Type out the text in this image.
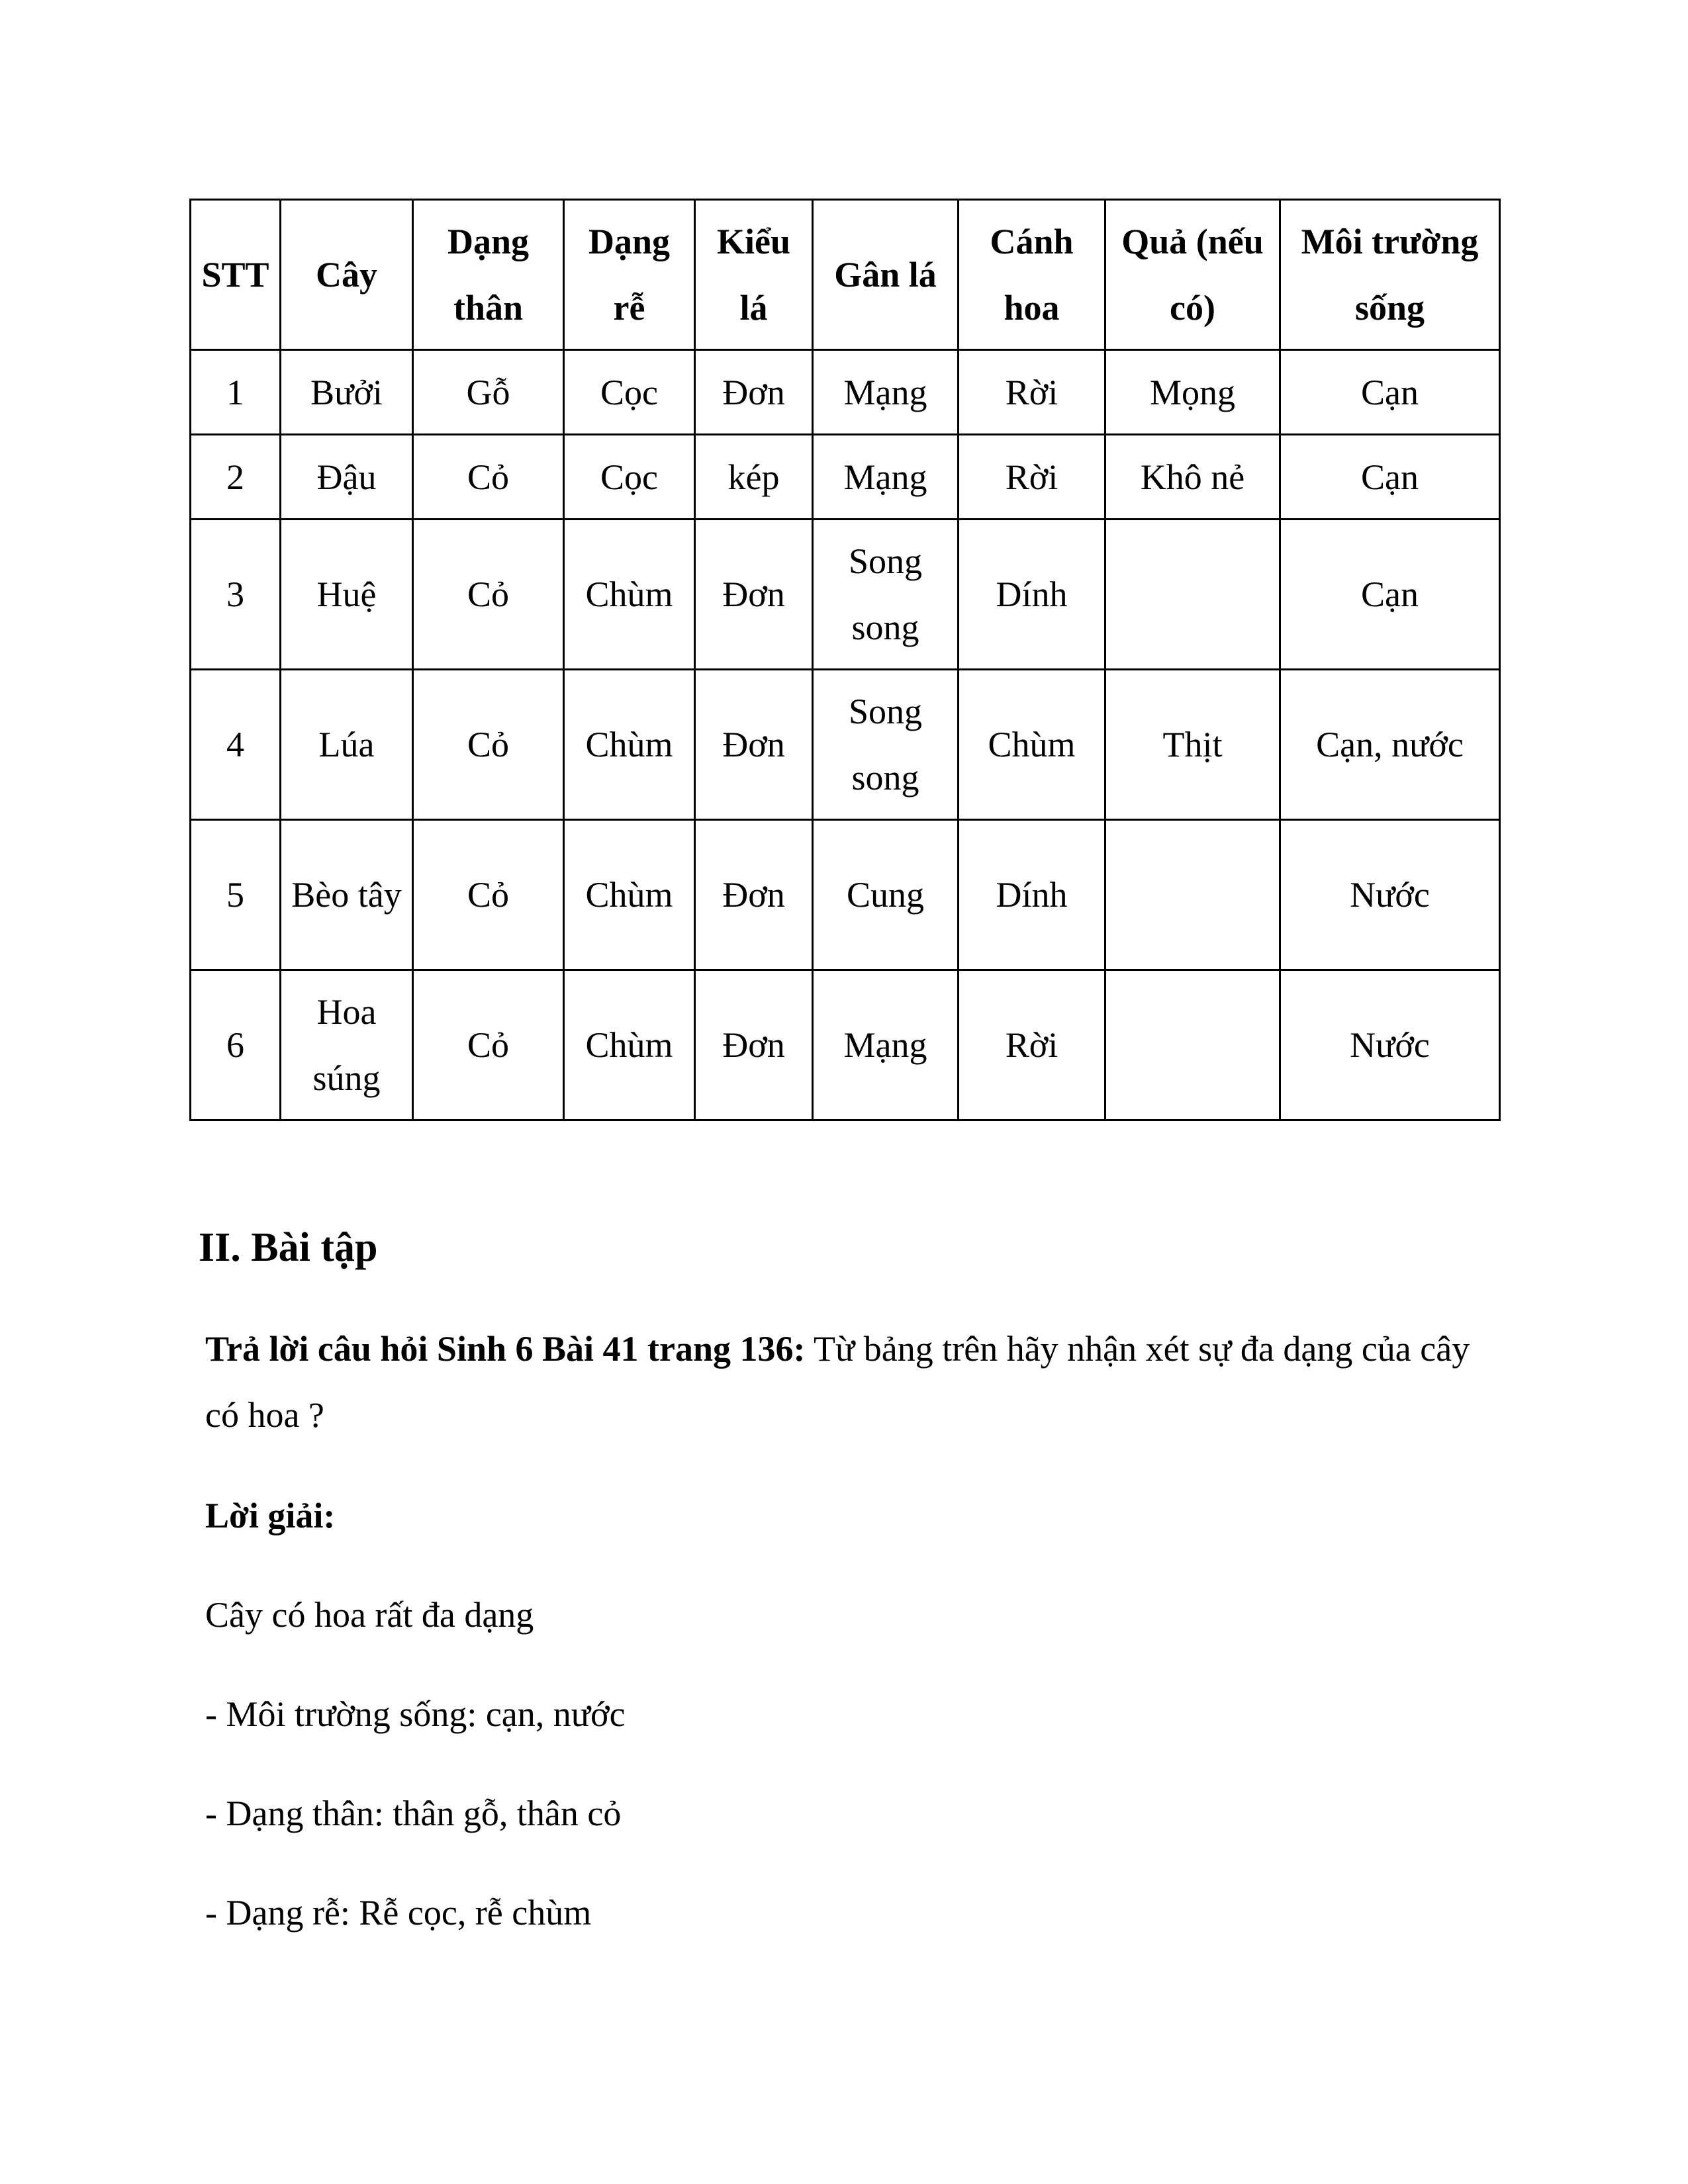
STT	Cây	Dạng thân	Dạng rễ	Kiểu lá	Gân lá	Cánh hoa	Quả (nếu có)	Môi trường sống
1	Bưởi	Gỗ	Cọc	Đơn	Mạng	Rời	Mọng	Cạn
2	Đậu	Cỏ	Cọc	kép	Mạng	Rời	Khô nẻ	Cạn
3	Huệ	Cỏ	Chùm	Đơn	Song song	Dính		Cạn
4	Lúa	Cỏ	Chùm	Đơn	Song song	Chùm	Thịt	Cạn, nước
5	Bèo tây	Cỏ	Chùm	Đơn	Cung	Dính		Nước
6	Hoa súng	Cỏ	Chùm	Đơn	Mạng	Rời		Nước
II. Bài tập

Trả lời câu hỏi Sinh 6 Bài 41 trang 136: Từ bảng trên hãy nhận xét sự đa dạng của cây có hoa ?

Lời giải:

Cây có hoa rất đa dạng

- Môi trường sống: cạn, nước

- Dạng thân: thân gỗ, thân cỏ

- Dạng rễ: Rễ cọc, rễ chùm
